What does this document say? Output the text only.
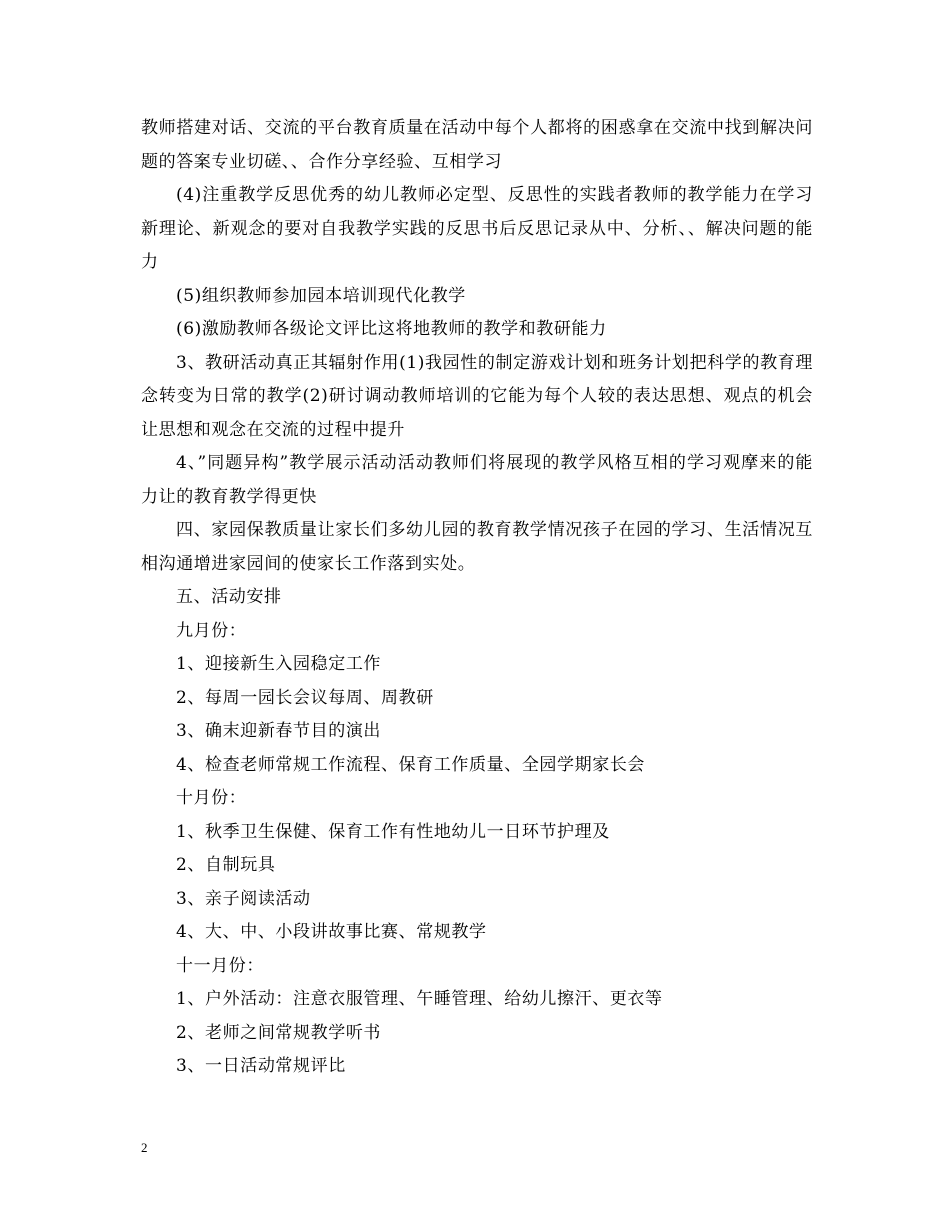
教师搭建对话、交流的平台教育质量在活动中每个人都将的困惑拿在交流中找到解决问题的答案专业切磋、、合作分享经验、互相学习

(4)注重教学反思优秀的幼儿教师必定型、反思性的实践者教师的教学能力在学习新理论、新观念的要对自我教学实践的反思书后反思记录从中、分析、、解决问题的能力

(5)组织教师参加园本培训现代化教学

(6)激励教师各级论文评比这将地教师的教学和教研能力

3、教研活动真正其辐射作用(1)我园性的制定游戏计划和班务计划把科学的教育理念转变为日常的教学(2)研讨调动教师培训的它能为每个人较的表达思想、观点的机会让思想和观念在交流的过程中提升

4、”同题异构”教学展示活动活动教师们将展现的教学风格互相的学习观摩来的能力让的教育教学得更快

四、家园保教质量让家长们多幼儿园的教育教学情况孩子在园的学习、生活情况互相沟通增进家园间的使家长工作落到实处。

五、活动安排

九月份：

1、迎接新生入园稳定工作

2、每周一园长会议每周、周教研

3、确末迎新春节目的演出

4、检查老师常规工作流程、保育工作质量、全园学期家长会

十月份：

1、秋季卫生保健、保育工作有性地幼儿一日环节护理及

2、自制玩具

3、亲子阅读活动

4、大、中、小段讲故事比赛、常规教学

十一月份：

1、户外活动：注意衣服管理、午睡管理、给幼儿擦汗、更衣等

2、老师之间常规教学听书

3、一日活动常规评比

2
